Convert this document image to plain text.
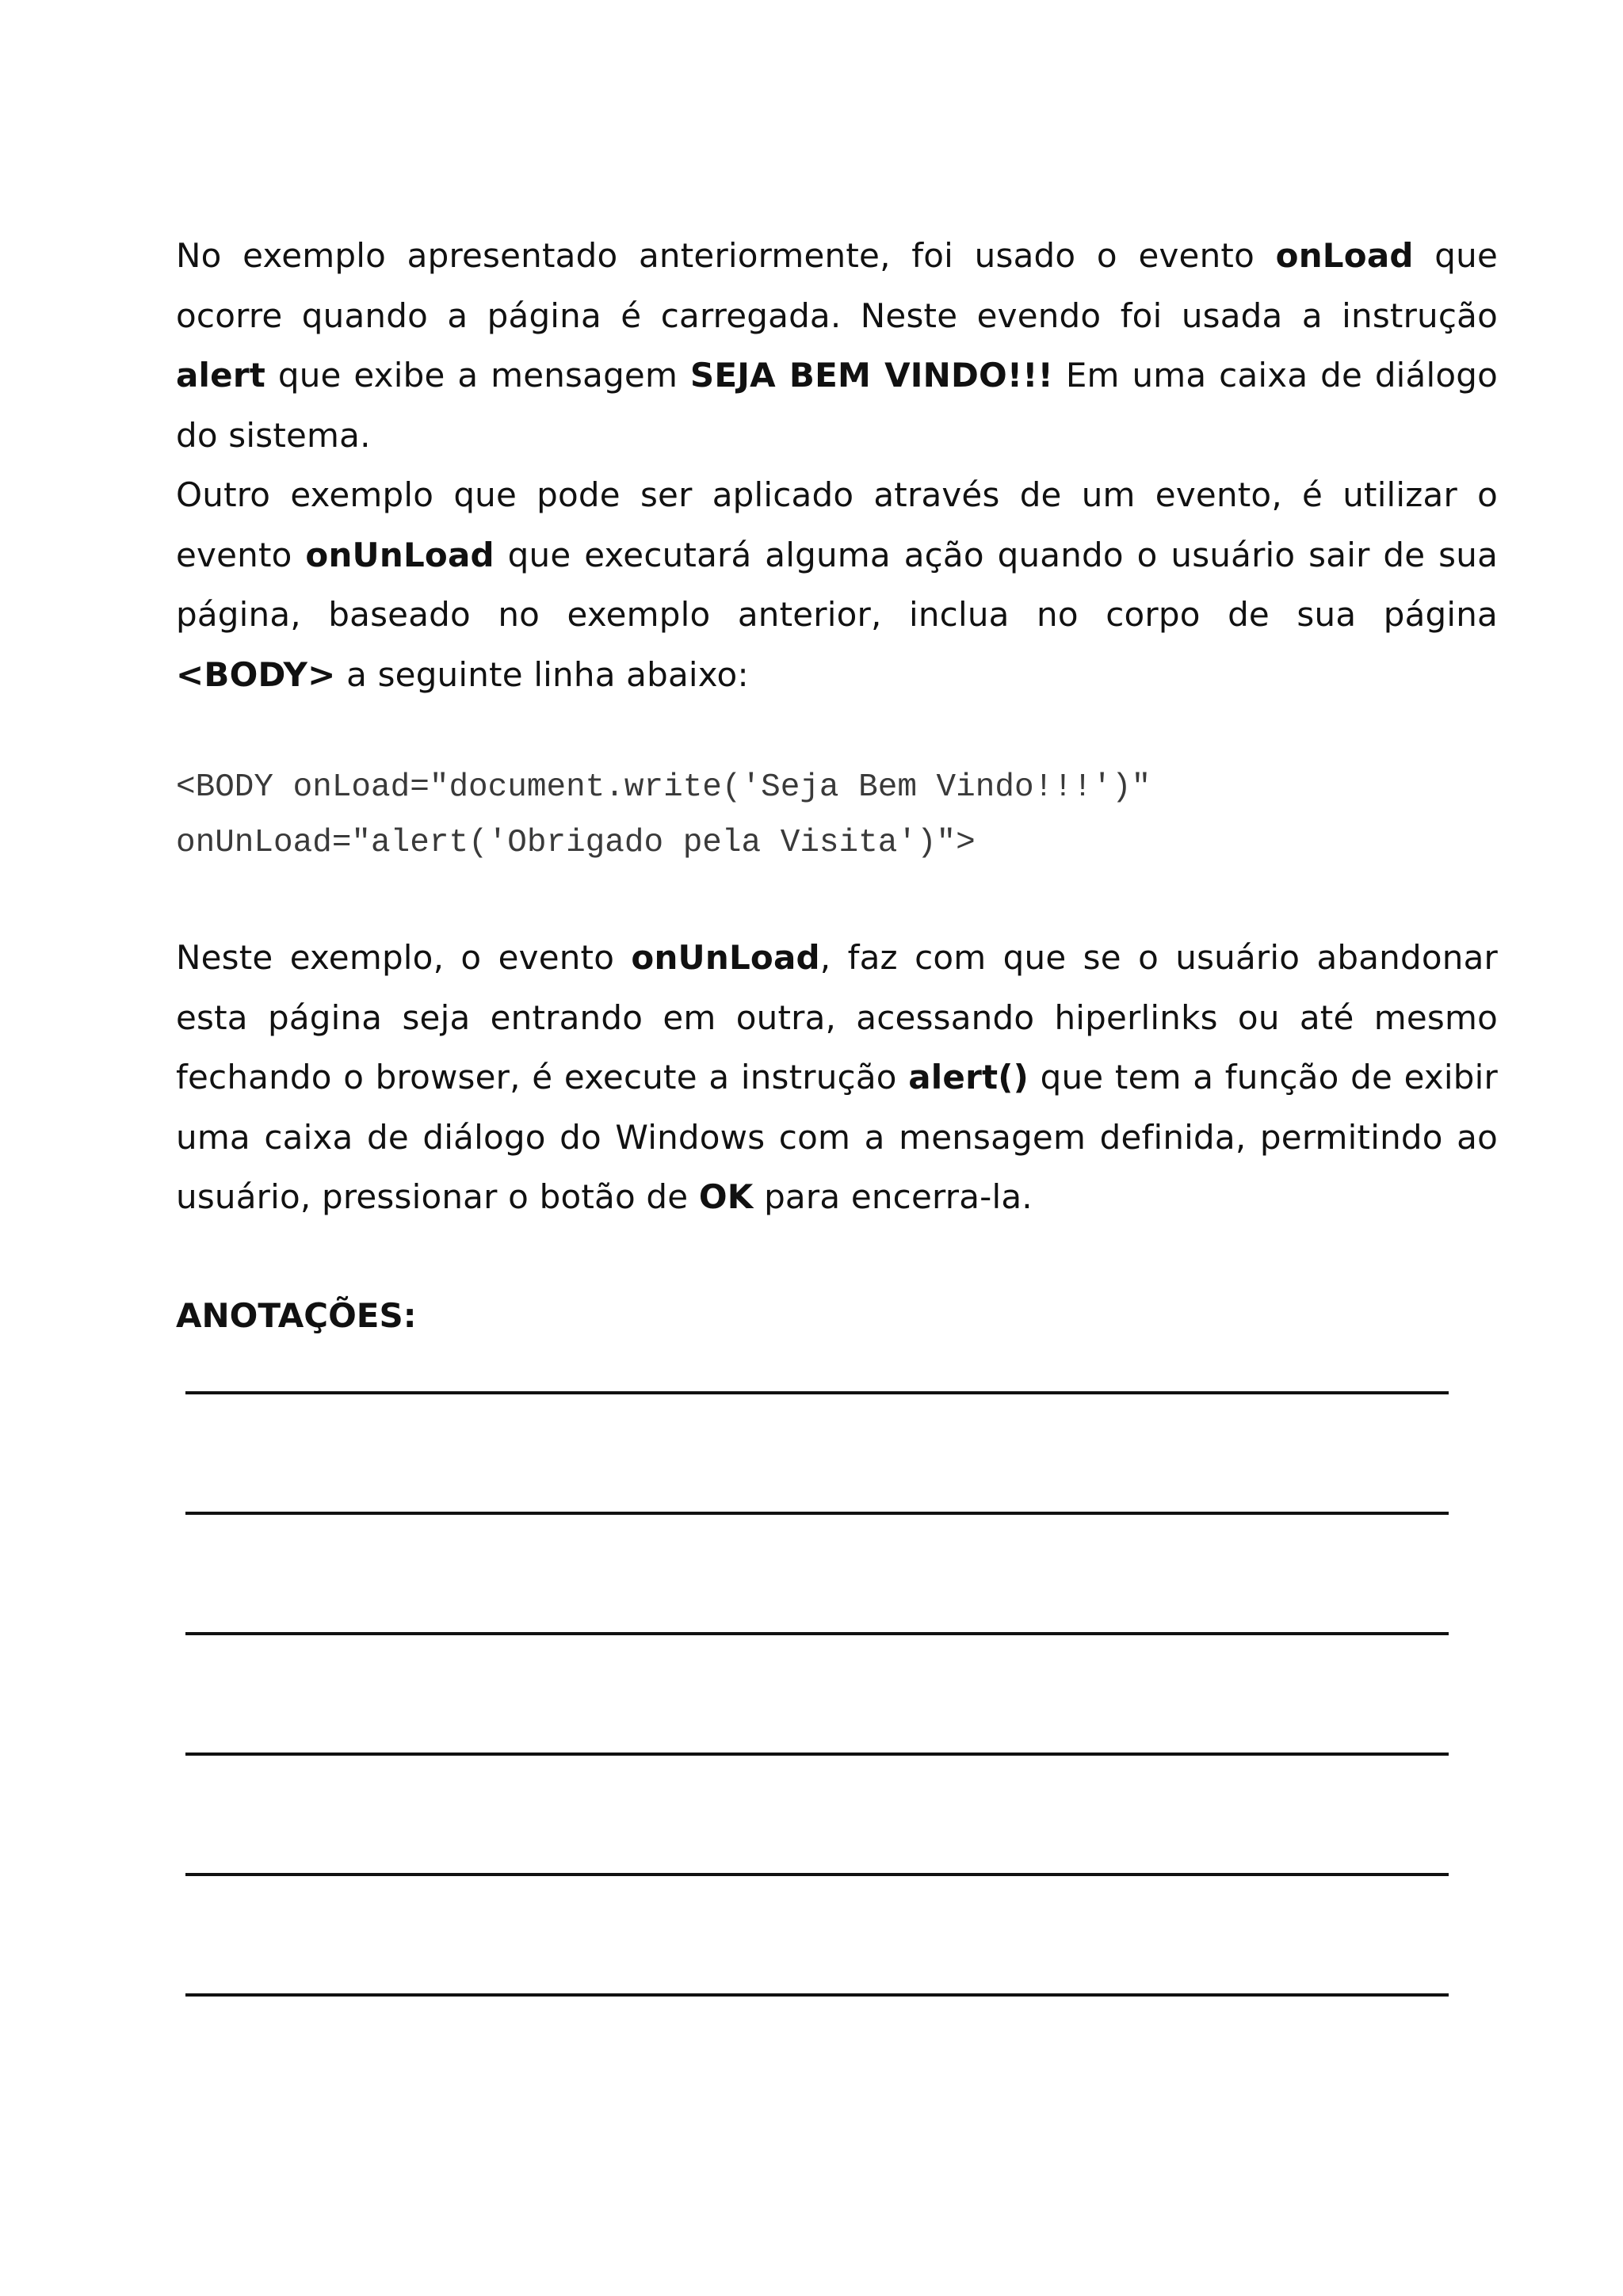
No exemplo apresentado anteriormente, foi usado o evento onLoad que ocorre quando a página é carregada. Neste evendo foi usada a instrução alert que exibe a mensagem SEJA BEM VINDO!!! Em uma caixa de diálogo do sistema.

Outro exemplo que pode ser aplicado através de um evento, é utilizar o evento onUnLoad que executará alguma ação quando o usuário sair de sua página, baseado no exemplo anterior, inclua no corpo de sua página <BODY> a seguinte linha abaixo:

<BODY onLoad="document.write('Seja Bem Vindo!!!')"
onUnLoad="alert('Obrigado pela Visita')">

Neste exemplo, o evento onUnLoad, faz com que se o usuário abandonar esta página seja entrando em outra, acessando hiperlinks ou até mesmo fechando o browser, é execute a instrução alert() que tem a função de exibir uma caixa de diálogo do Windows com a mensagem definida, permitindo ao usuário, pressionar o botão de OK para encerra-la.

ANOTAÇÕES:
